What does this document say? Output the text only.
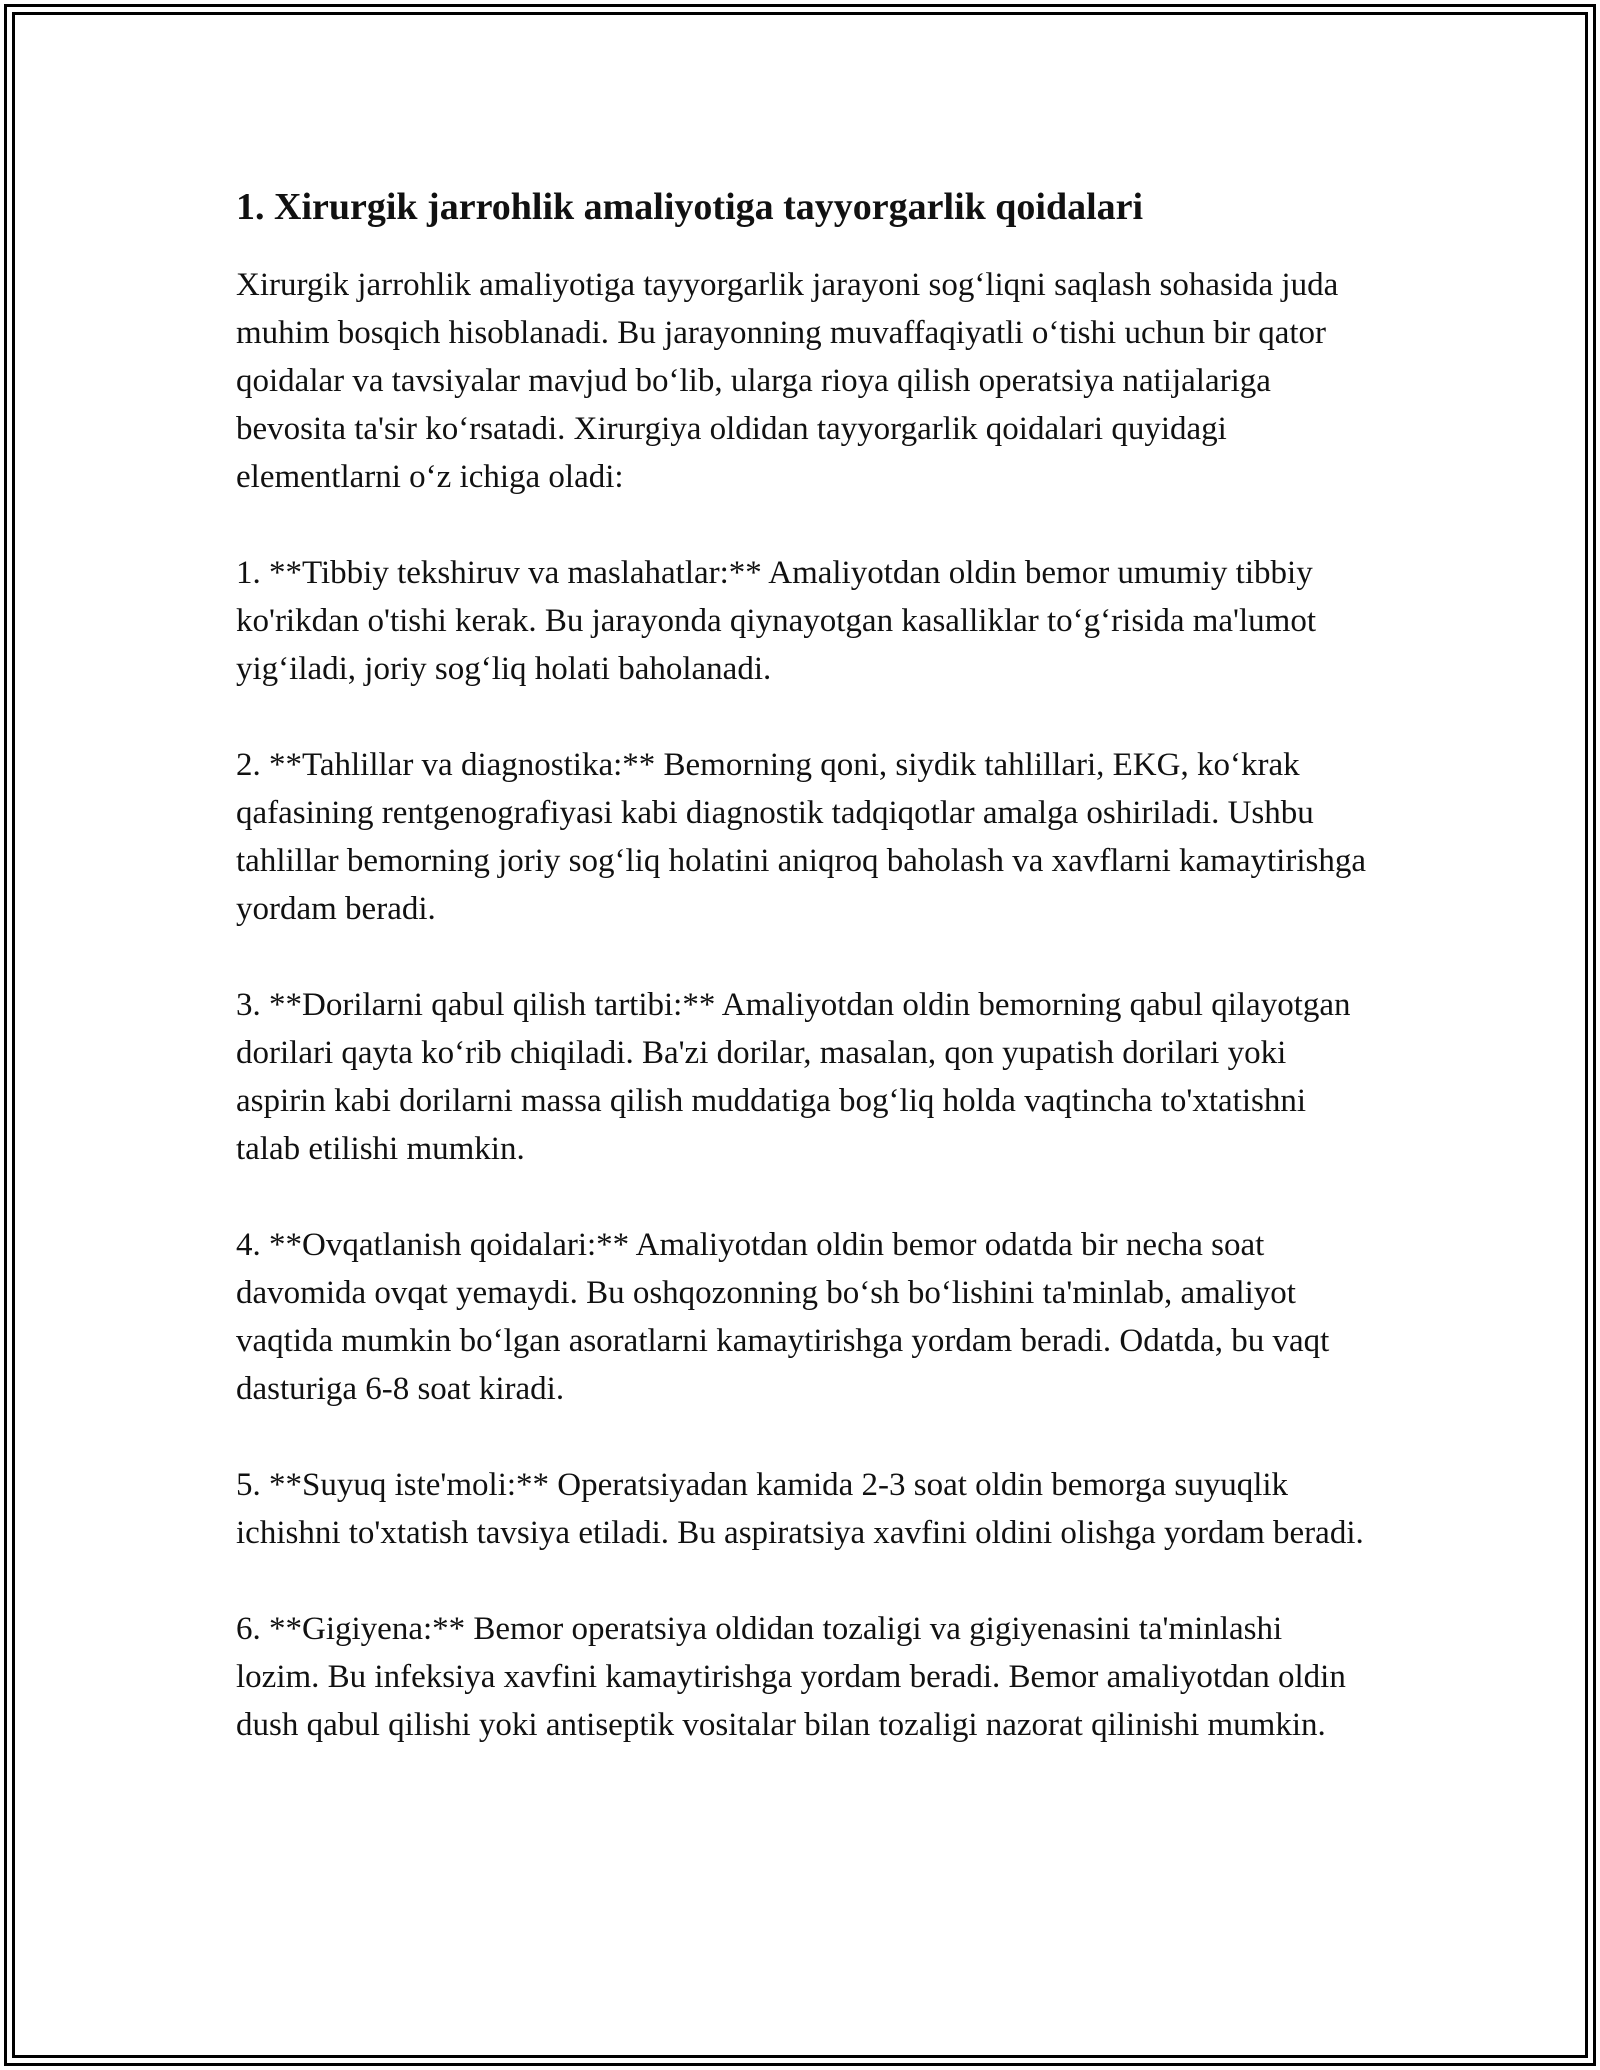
1. Xirurgik jarrohlik amaliyotiga tayyorgarlik qoidalari

Xirurgik jarrohlik amaliyotiga tayyorgarlik jarayoni sog‘liqni saqlash sohasida juda muhim bosqich hisoblanadi. Bu jarayonning muvaffaqiyatli o‘tishi uchun bir qator qoidalar va tavsiyalar mavjud bo‘lib, ularga rioya qilish operatsiya natijalariga bevosita ta'sir ko‘rsatadi. Xirurgiya oldidan tayyorgarlik qoidalari quyidagi elementlarni o‘z ichiga oladi:

1. **Tibbiy tekshiruv va maslahatlar:** Amaliyotdan oldin bemor umumiy tibbiy ko'rikdan o'tishi kerak. Bu jarayonda qiynayotgan kasalliklar to‘g‘risida ma'lumot yig‘iladi, joriy sog‘liq holati baholanadi.

2. **Tahlillar va diagnostika:** Bemorning qoni, siydik tahlillari, EKG, ko‘krak qafasining rentgenografiyasi kabi diagnostik tadqiqotlar amalga oshiriladi. Ushbu tahlillar bemorning joriy sog‘liq holatini aniqroq baholash va xavflarni kamaytirishga yordam beradi.

3. **Dorilarni qabul qilish tartibi:** Amaliyotdan oldin bemorning qabul qilayotgan dorilari qayta ko‘rib chiqiladi. Ba'zi dorilar, masalan, qon yupatish dorilari yoki aspirin kabi dorilarni massa qilish muddatiga bog‘liq holda vaqtincha to'xtatishni talab etilishi mumkin.

4. **Ovqatlanish qoidalari:** Amaliyotdan oldin bemor odatda bir necha soat davomida ovqat yemaydi. Bu oshqozonning bo‘sh bo‘lishini ta'minlab, amaliyot vaqtida mumkin bo‘lgan asoratlarni kamaytirishga yordam beradi. Odatda, bu vaqt dasturiga 6-8 soat kiradi.

5. **Suyuq iste'moli:** Operatsiyadan kamida 2-3 soat oldin bemorga suyuqlik ichishni to'xtatish tavsiya etiladi. Bu aspiratsiya xavfini oldini olishga yordam beradi.

6. **Gigiyena:** Bemor operatsiya oldidan tozaligi va gigiyenasini ta'minlashi lozim. Bu infeksiya xavfini kamaytirishga yordam beradi. Bemor amaliyotdan oldin dush qabul qilishi yoki antiseptik vositalar bilan tozaligi nazorat qilinishi mumkin.
